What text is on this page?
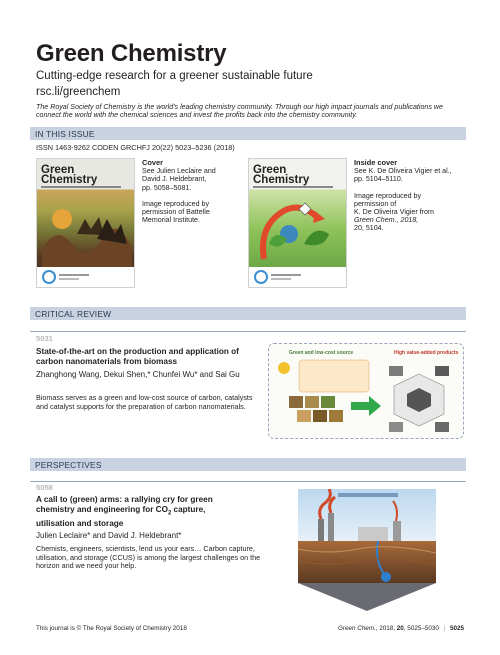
Green Chemistry
Cutting-edge research for a greener sustainable future
rsc.li/greenchem
The Royal Society of Chemistry is the world's leading chemistry community. Through our high impact journals and publications we connect the world with the chemical sciences and invest the profits back into the chemistry community.
IN THIS ISSUE
ISSN 1463-9262 CODEN GRCHFJ 20(22) 5023–5236 (2018)
Green
Chemistry
Cover
See Julien Leclaire and
David J. Heldebrant,
pp. 5058–5081.

Image reproduced by
permission of Battelle
Memorial Institute.
Green
Chemistry
Inside cover
See K. De Oliveira Vigier et al.,
pp. 5104–5110.

Image reproduced by
permission of
K. De Oliveira Vigier from
Green Chem., 2018,
20, 5104.
CRITICAL REVIEW
5031
State-of-the-art on the production and application of carbon nanomaterials from biomass
Zhanghong Wang, Dekui Shen,* Chunfei Wu* and Sai Gu
Biomass serves as a green and low-cost source of carbon, catalysts and catalyst supports for the preparation of carbon nanomaterials.
Green and low-cost source	High value-added products
PERSPECTIVES
5058
A call to (green) arms: a rallying cry for green
chemistry and engineering for $CO_2$ capture,
utilisation and storage
Julien Leclaire* and David J. Heldebrant*
Chemists, engineers, scientists, lend us your ears… Carbon capture, utilisation, and storage (CCUS) is among the largest challenges on the horizon and we need your help.
This journal is © The Royal Society of Chemistry 2018	Green Chem., 2018, 20, 5025–5030 | 5025
